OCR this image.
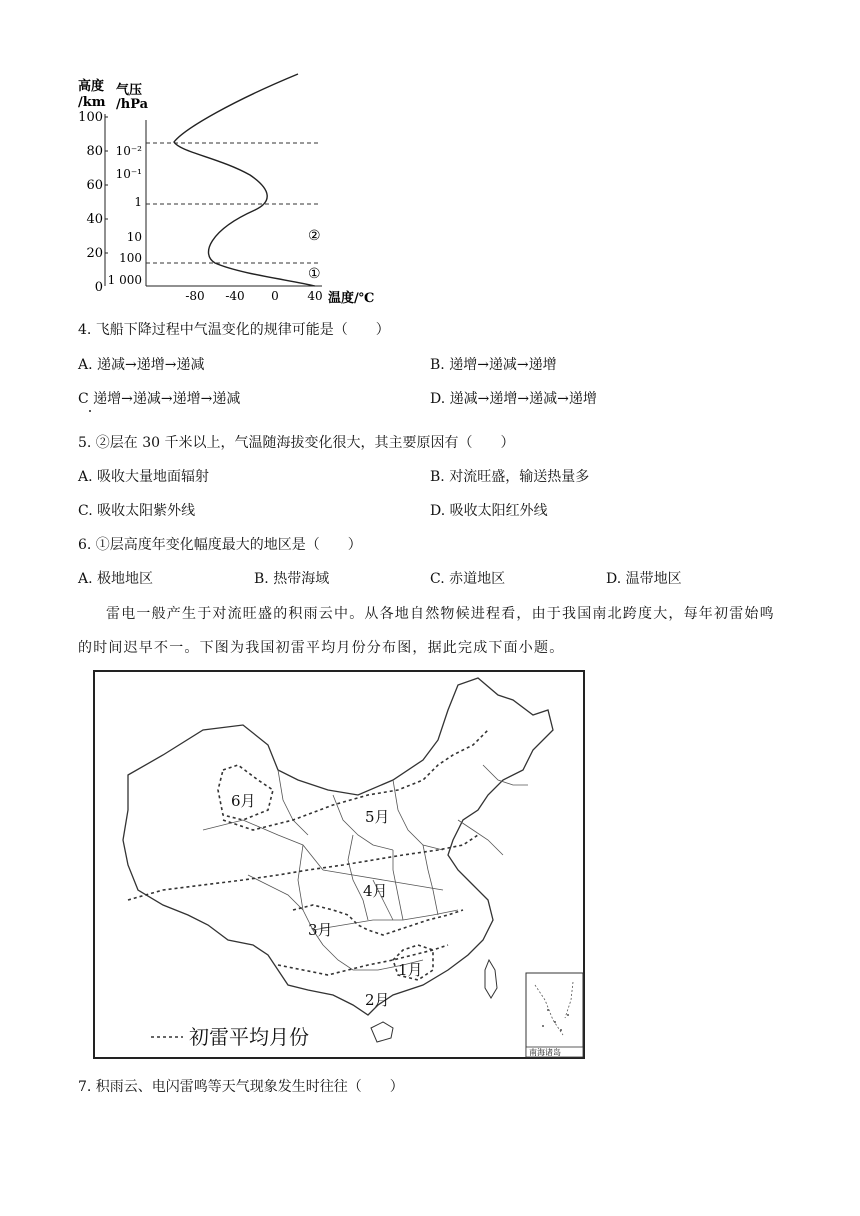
高度
/km
气压
/hPa
100
80
60
40
20
0
10⁻²
10⁻¹
1
10
100
1 000
-80 -40 0 40 温度/℃
②
①
4. 飞船下降过程中气温变化的规律可能是（　　）
A. 递减→递增→递减	B. 递增→递减→递增
C 递增→递减→递增→递减	D. 递减→递增→递减→递增
5. ②层在 30 千米以上，气温随海拔变化很大，其主要原因有（　　）
A. 吸收大量地面辐射	B. 对流旺盛，输送热量多
C. 吸收太阳紫外线	D. 吸收太阳红外线
6. ①层高度年变化幅度最大的地区是（　　）
A. 极地地区	B. 热带海域	C. 赤道地区	D. 温带地区
雷电一般产生于对流旺盛的积雨云中。从各地自然物候进程看，由于我国南北跨度大，每年初雷始鸣
的时间迟早不一。下图为我国初雷平均月份分布图，据此完成下面小题。
6月
5月
4月
3月
1月
2月
初雷平均月份
南海诸岛
7. 积雨云、电闪雷鸣等天气现象发生时往往（　　）
